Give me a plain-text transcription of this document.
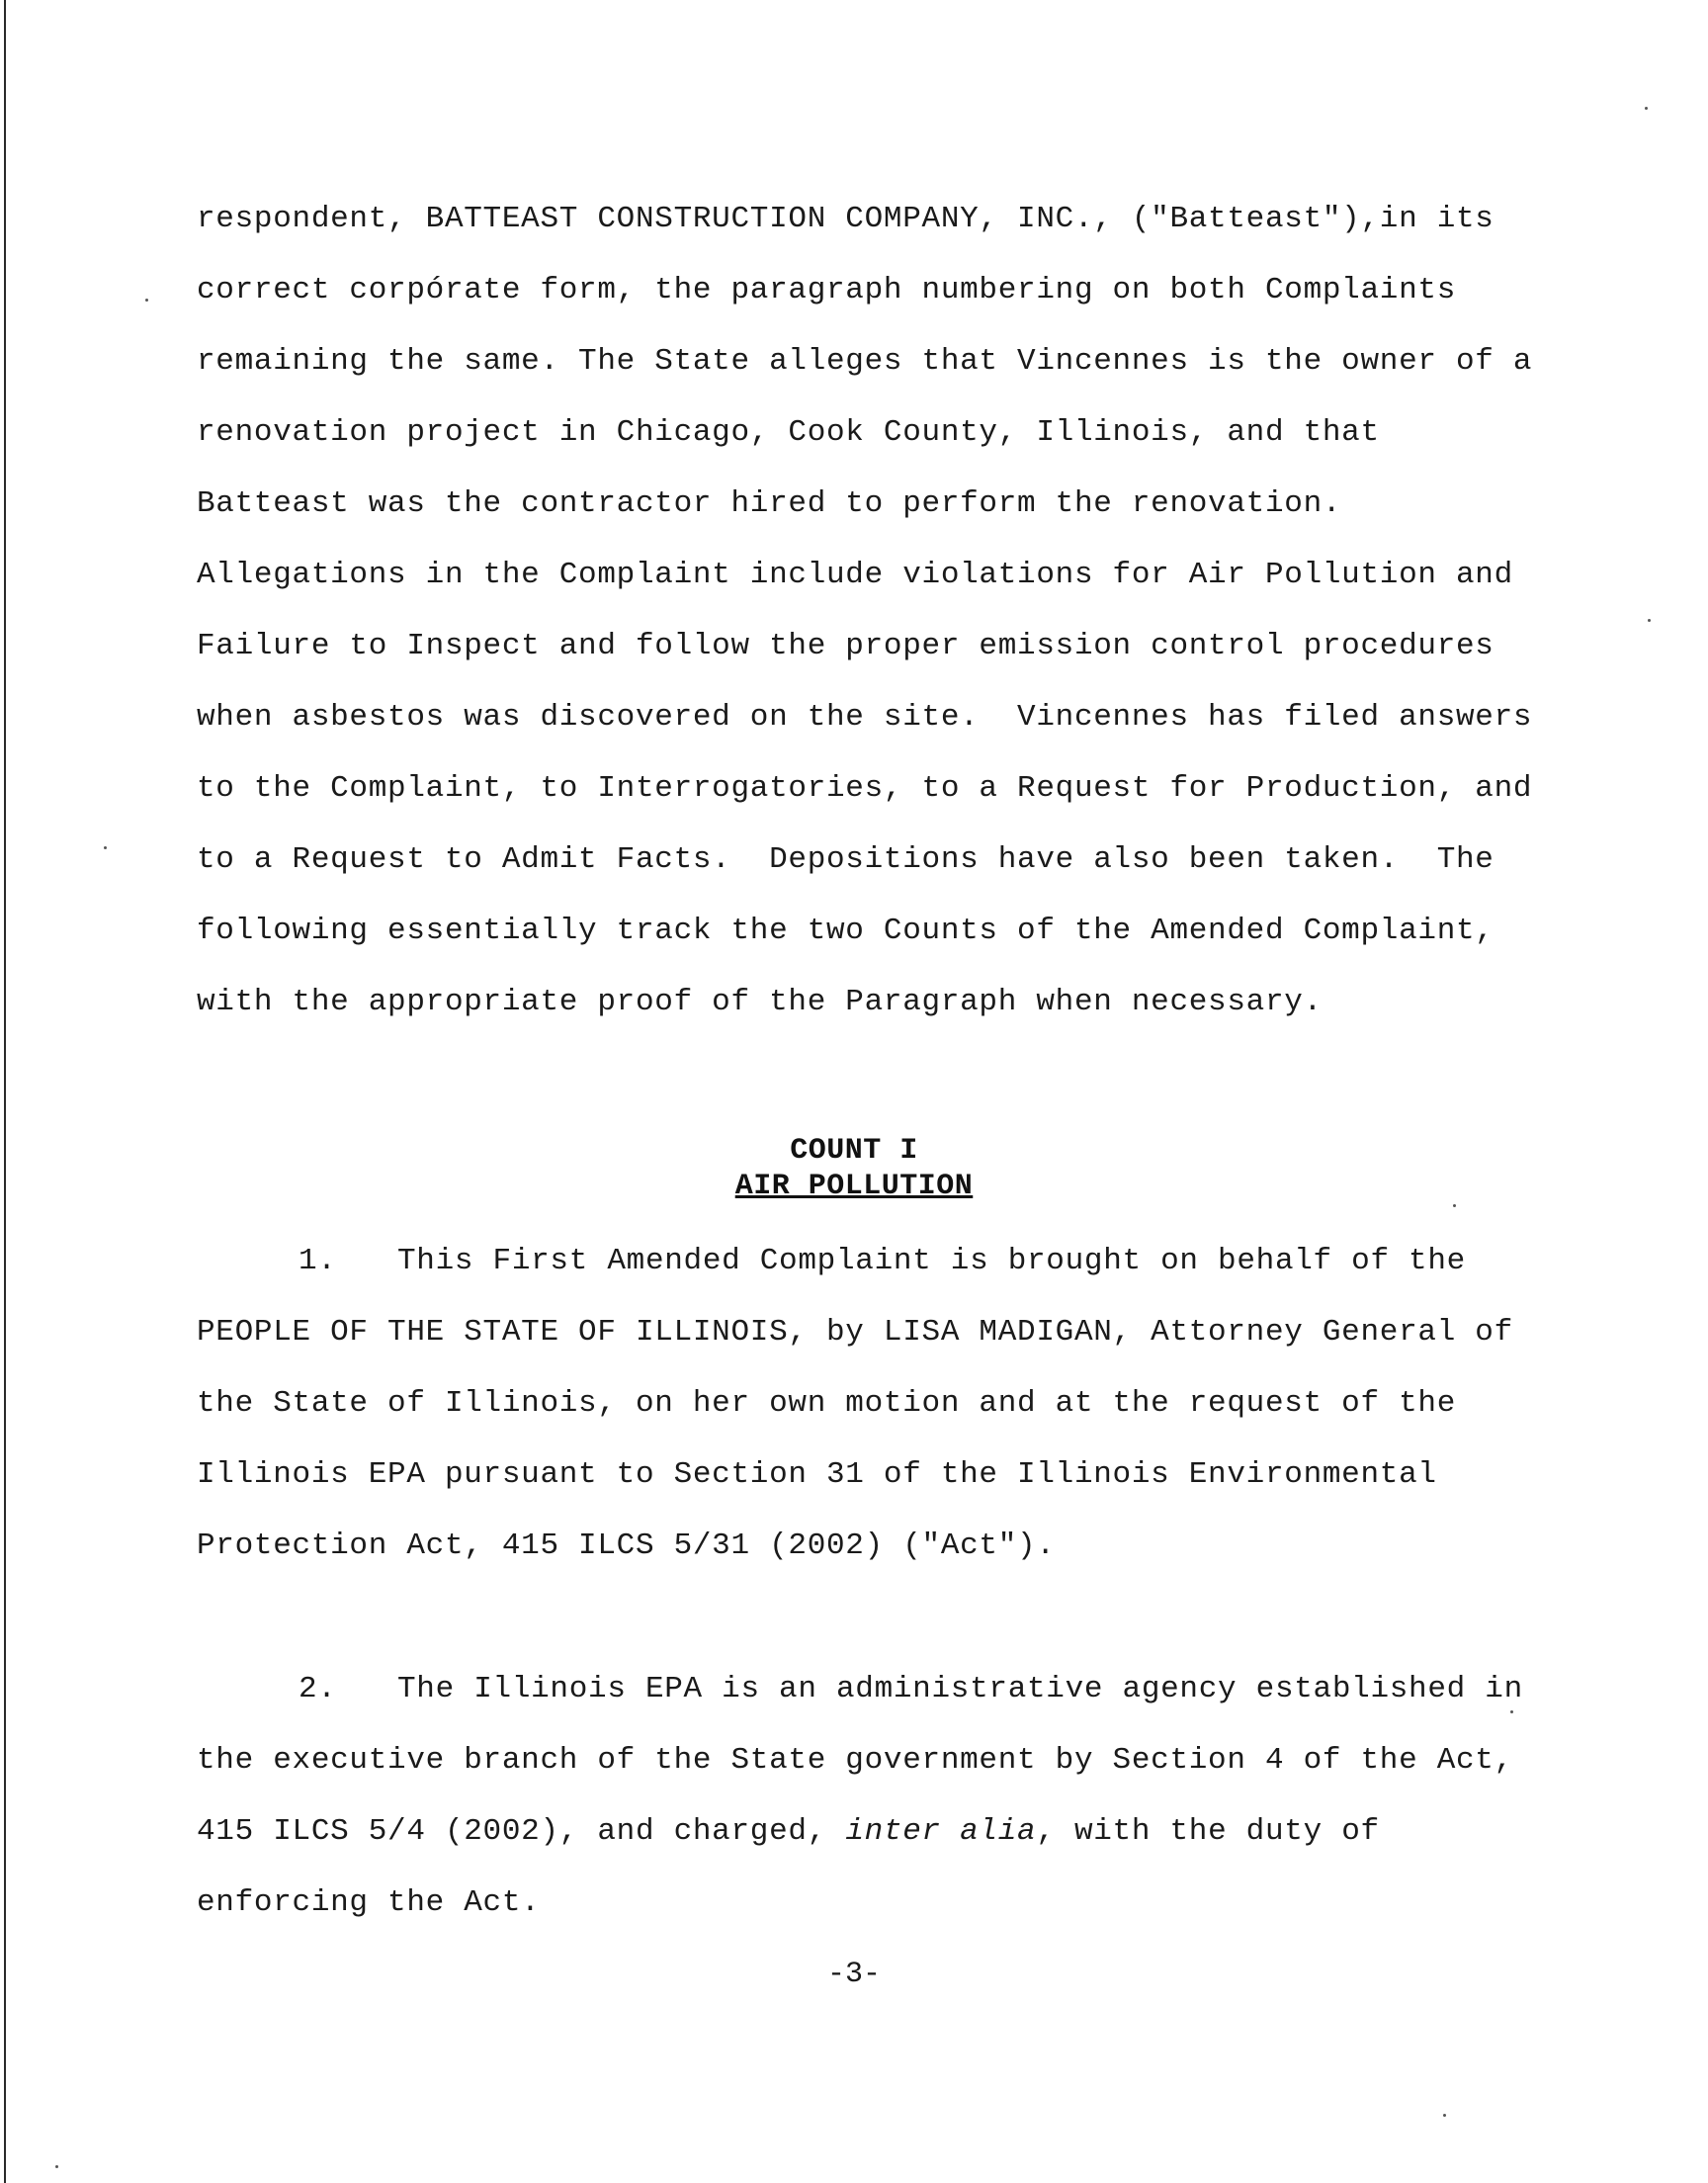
respondent, BATTEAST CONSTRUCTION COMPANY, INC., ("Batteast"),in its correct corpórate form, the paragraph numbering on both Complaints remaining the same. The State alleges that Vincennes is the owner of a renovation project in Chicago, Cook County, Illinois, and that Batteast was the contractor hired to perform the renovation.  Allegations in the Complaint include violations for Air Pollution and Failure to Inspect and follow the proper emission control procedures when asbestos was discovered on the site.  Vincennes has filed answers to the Complaint, to Interrogatories, to a Request for Production, and to a Request to Admit Facts.  Depositions have also been taken.  The following essentially track the two Counts of the Amended Complaint, with the appropriate proof of the Paragraph when necessary.

COUNT I

AIR POLLUTION

1. This First Amended Complaint is brought on behalf of the PEOPLE OF THE STATE OF ILLINOIS, by LISA MADIGAN, Attorney General of the State of Illinois, on her own motion and at the request of the Illinois EPA pursuant to Section 31 of the Illinois Environmental Protection Act, 415 ILCS 5/31 (2002) ("Act").

2. The Illinois EPA is an administrative agency established in the executive branch of the State government by Section 4 of the Act, 415 ILCS 5/4 (2002), and charged, inter alia, with the duty of enforcing the Act.

-3-
